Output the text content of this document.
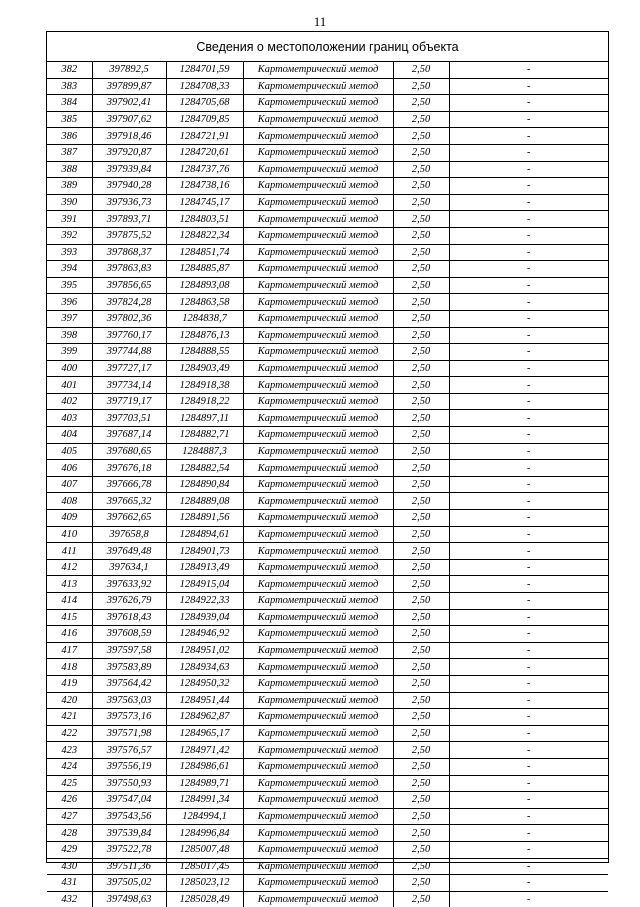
11
Сведения о местоположении границ объекта
382	397892,5	1284701,59	Картометрический метод	2,50	-
383	397899,87	1284708,33	Картометрический метод	2,50	-
384	397902,41	1284705,68	Картометрический метод	2,50	-
385	397907,62	1284709,85	Картометрический метод	2,50	-
386	397918,46	1284721,91	Картометрический метод	2,50	-
387	397920,87	1284720,61	Картометрический метод	2,50	-
388	397939,84	1284737,76	Картометрический метод	2,50	-
389	397940,28	1284738,16	Картометрический метод	2,50	-
390	397936,73	1284745,17	Картометрический метод	2,50	-
391	397893,71	1284803,51	Картометрический метод	2,50	-
392	397875,52	1284822,34	Картометрический метод	2,50	-
393	397868,37	1284851,74	Картометрический метод	2,50	-
394	397863,83	1284885,87	Картометрический метод	2,50	-
395	397856,65	1284893,08	Картометрический метод	2,50	-
396	397824,28	1284863,58	Картометрический метод	2,50	-
397	397802,36	1284838,7	Картометрический метод	2,50	-
398	397760,17	1284876,13	Картометрический метод	2,50	-
399	397744,88	1284888,55	Картометрический метод	2,50	-
400	397727,17	1284903,49	Картометрический метод	2,50	-
401	397734,14	1284918,38	Картометрический метод	2,50	-
402	397719,17	1284918,22	Картометрический метод	2,50	-
403	397703,51	1284897,11	Картометрический метод	2,50	-
404	397687,14	1284882,71	Картометрический метод	2,50	-
405	397680,65	1284887,3	Картометрический метод	2,50	-
406	397676,18	1284882,54	Картометрический метод	2,50	-
407	397666,78	1284890,84	Картометрический метод	2,50	-
408	397665,32	1284889,08	Картометрический метод	2,50	-
409	397662,65	1284891,56	Картометрический метод	2,50	-
410	397658,8	1284894,61	Картометрический метод	2,50	-
411	397649,48	1284901,73	Картометрический метод	2,50	-
412	397634,1	1284913,49	Картометрический метод	2,50	-
413	397633,92	1284915,04	Картометрический метод	2,50	-
414	397626,79	1284922,33	Картометрический метод	2,50	-
415	397618,43	1284939,04	Картометрический метод	2,50	-
416	397608,59	1284946,92	Картометрический метод	2,50	-
417	397597,58	1284951,02	Картометрический метод	2,50	-
418	397583,89	1284934,63	Картометрический метод	2,50	-
419	397564,42	1284950,32	Картометрический метод	2,50	-
420	397563,03	1284951,44	Картометрический метод	2,50	-
421	397573,16	1284962,87	Картометрический метод	2,50	-
422	397571,98	1284965,17	Картометрический метод	2,50	-
423	397576,57	1284971,42	Картометрический метод	2,50	-
424	397556,19	1284986,61	Картометрический метод	2,50	-
425	397550,93	1284989,71	Картометрический метод	2,50	-
426	397547,04	1284991,34	Картометрический метод	2,50	-
427	397543,56	1284994,1	Картометрический метод	2,50	-
428	397539,84	1284996,84	Картометрический метод	2,50	-
429	397522,78	1285007,48	Картометрический метод	2,50	-
430	397511,36	1285017,45	Картометрический метод	2,50	-
431	397505,02	1285023,12	Картометрический метод	2,50	-
432	397498,63	1285028,49	Картометрический метод	2,50	-
